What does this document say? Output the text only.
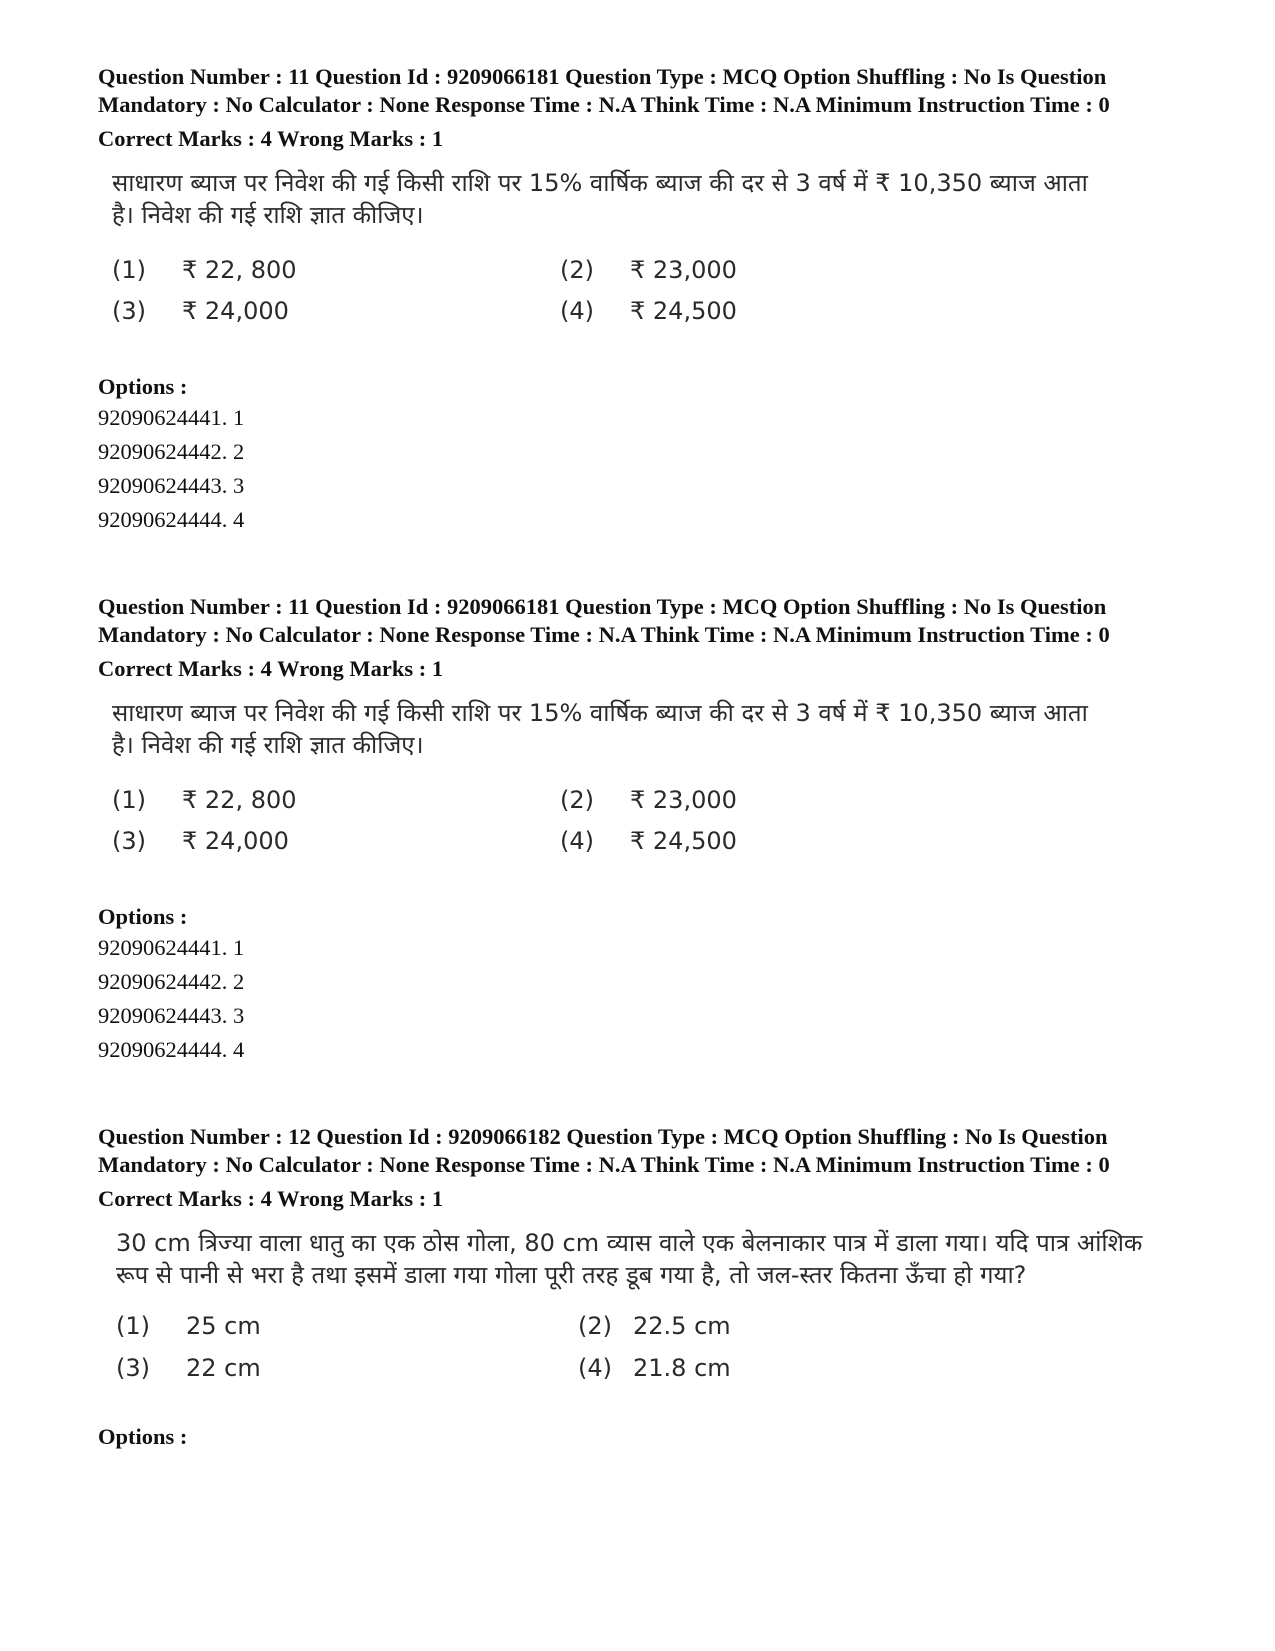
Question Number : 11 Question Id : 9209066181 Question Type : MCQ Option Shuffling : No Is Question Mandatory : No Calculator : None Response Time : N.A Think Time : N.A Minimum Instruction Time : 0
Correct Marks : 4 Wrong Marks : 1
साधारण ब्याज पर निवेश की गई किसी राशि पर 15% वार्षिक ब्याज की दर से 3 वर्ष में ₹ 10,350 ब्याज आता है। निवेश की गई राशि ज्ञात कीजिए।
(1) ₹ 22, 800	(2) ₹ 23,000
(3) ₹ 24,000	(4) ₹ 24,500
Options :
92090624441. 1
92090624442. 2
92090624443. 3
92090624444. 4
Question Number : 11 Question Id : 9209066181 Question Type : MCQ Option Shuffling : No Is Question Mandatory : No Calculator : None Response Time : N.A Think Time : N.A Minimum Instruction Time : 0
Correct Marks : 4 Wrong Marks : 1
साधारण ब्याज पर निवेश की गई किसी राशि पर 15% वार्षिक ब्याज की दर से 3 वर्ष में ₹ 10,350 ब्याज आता है। निवेश की गई राशि ज्ञात कीजिए।
(1) ₹ 22, 800	(2) ₹ 23,000
(3) ₹ 24,000	(4) ₹ 24,500
Options :
92090624441. 1
92090624442. 2
92090624443. 3
92090624444. 4
Question Number : 12 Question Id : 9209066182 Question Type : MCQ Option Shuffling : No Is Question Mandatory : No Calculator : None Response Time : N.A Think Time : N.A Minimum Instruction Time : 0
Correct Marks : 4 Wrong Marks : 1
30 cm त्रिज्या वाला धातु का एक ठोस गोला, 80 cm व्यास वाले एक बेलनाकार पात्र में डाला गया। यदि पात्र आंशिक रूप से पानी से भरा है तथा इसमें डाला गया गोला पूरी तरह डूब गया है, तो जल-स्तर कितना ऊँचा हो गया?
(1) 25 cm	(2) 22.5 cm
(3) 22 cm	(4) 21.8 cm
Options :
